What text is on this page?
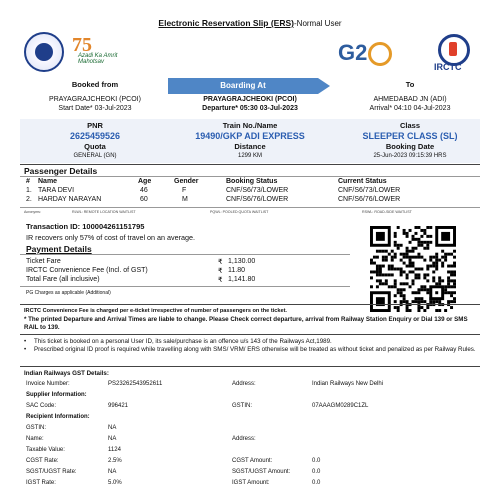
Electronic Reservation Slip (ERS)-Normal User
75
Azadi Ka Amrit Mahotsav	G2
IRCTC
Booked from	Boarding At	To
PRAYAGRAJCHEOKI (PCOI)
Start Date* 03-Jul-2023
PRAYAGRAJCHEOKI (PCOI)
Departure* 05:30 03-Jul-2023
AHMEDABAD JN (ADI)
Arrival* 04:10 04-Jul-2023
PNR	Train No./Name	Class
2625459526	19490/GKP ADI EXPRESS	SLEEPER CLASS (SL)
Quota	Distance	Booking Date
GENERAL (GN)	1299 KM	25-Jun-2023 09:15:39 HRS
Passenger Details
# Name	Age	Gender	Booking Status	Current Status
1. TARA DEVI	46	F	CNF/S6/73/LOWER	CNF/S6/73/LOWER
2. HARDAY NARAYAN	60	M	CNF/S6/76/LOWER	CNF/S6/76/LOWER
Acronyms:	RLWL: REMOTE LOCATION WAITLIST	PQWL: POOLED QUOTA WAITLIST	RSWL: ROAD-SIDE WAITLIST
Transaction ID: 100004261151795
IR recovers only 57% of cost of travel on an average.
Payment Details
Ticket Fare	₹ 1,130.00
IRCTC Convenience Fee (Incl. of GST)	₹ 11.80
Total Fare (all inclusive)	₹ 1,141.80
PG Charges as applicable (Additional)
IRCTC Convenience Fee is charged per e-ticket irrespective of number of passengers on the ticket.
* The printed Departure and Arrival Times are liable to change. Please Check correct departure, arrival from Railway Station Enquiry or Dial 139 or SMS RAIL to 139.
•	This ticket is booked on a personal User ID, its sale/purchase is an offence u/s 143 of the Railways Act,1989.
•	Prescribed original ID proof is required while travelling along with SMS/ VRM/ ERS otherwise will be treated as without ticket and penalized as per Railway Rules.
Indian Railways GST Details:
Invoice Number:	PS23262543952611	Address:	Indian Railways New Delhi
Supplier Information:
SAC Code:	996421	GSTIN:	07AAAGM0289C1ZL
Recipient Information:
GSTIN:	NA
Name:	NA	Address:
Taxable Value:	1124
CGST Rate:	2.5%	CGST Amount:	0.0
SGST/UGST Rate:	NA	SGST/UGST Amount:	0.0
IGST Rate:	5.0%	IGST Amount:	0.0
